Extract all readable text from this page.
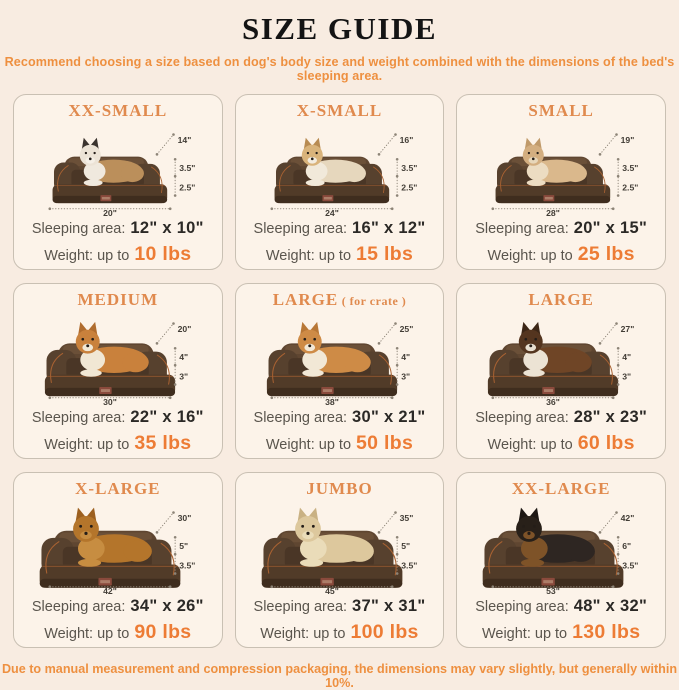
SIZE GUIDE

Recommend choosing a size based on dog's body size and weight combined with the dimensions of the bed's sleeping area.

XX-SMALL
14"
3.5"
2.5"
20"
Sleeping area: 12" x 10"
Weight: up to 10 lbs
X-SMALL
16"
3.5"
2.5"
24"
Sleeping area: 16" x 12"
Weight: up to 15 lbs
SMALL
19"
3.5"
2.5"
28"
Sleeping area: 20" x 15"
Weight: up to 25 lbs
MEDIUM
20"
4"
3"
30"
Sleeping area: 22" x 16"
Weight: up to 35 lbs
LARGE ( for crate )
25"
4"
3"
38"
Sleeping area: 30" x 21"
Weight: up to 50 lbs
LARGE
27"
4"
3"
36"
Sleeping area: 28" x 23"
Weight: up to 60 lbs
X-LARGE
30"
5"
3.5"
42"
Sleeping area: 34" x 26"
Weight: up to 90 lbs
JUMBO
35"
5"
3.5"
45"
Sleeping area: 37" x 31"
Weight: up to 100 lbs
XX-LARGE
42"
6"
3.5"
53"
Sleeping area: 48" x 32"
Weight: up to 130 lbs

Due to manual measurement and compression packaging, the dimensions may vary slightly, but generally within 10%.
